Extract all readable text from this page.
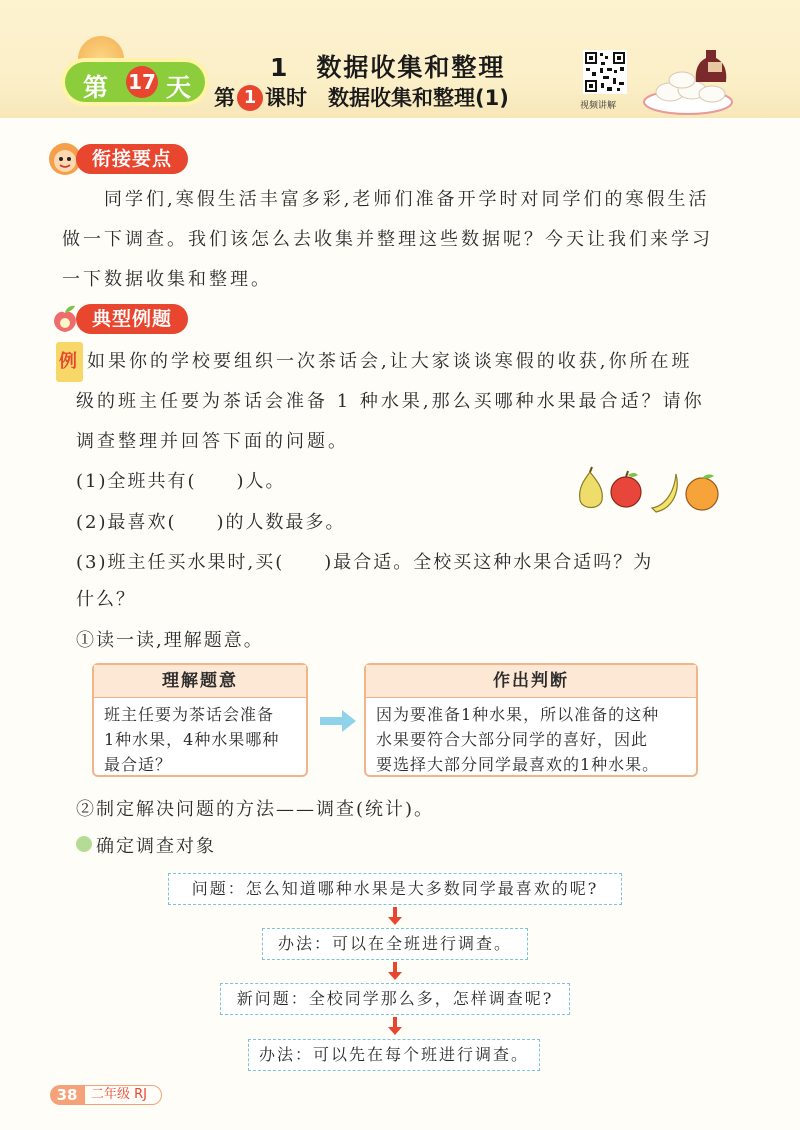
第 17 天
1　数据收集和整理
第 1 课时　数据收集和整理(1)	视频讲解
衔接要点

　　同学们,寒假生活丰富多彩,老师们准备开学时对同学们的寒假生活

做一下调查。我们该怎么去收集并整理这些数据呢？今天让我们来学习

一下数据收集和整理。

典型例题

例 如果你的学校要组织一次茶话会,让大家谈谈寒假的收获,你所在班

级的班主任要为茶话会准备 1 种水果,那么买哪种水果最合适？请你

调查整理并回答下面的问题。

(1)全班共有(　　)人。
(2)最喜欢(　　)的人数最多。
(3)班主任买水果时,买(　　)最合适。全校买这种水果合适吗？为
什么？
①读一读,理解题意。
理解题意
班主任要为茶话会准备
1种水果，4种水果哪种
最合适？
作出判断
因为要准备1种水果，所以准备的这种
水果要符合大部分同学的喜好，因此
要选择大部分同学最喜欢的1种水果。
②制定解决问题的方法——调查(统计)。
确定调查对象
问题：怎么知道哪种水果是大多数同学最喜欢的呢?
办法：可以在全班进行调查。
新问题：全校同学那么多，怎样调查呢?
办法：可以先在每个班进行调查。
38	二年级 RJ
